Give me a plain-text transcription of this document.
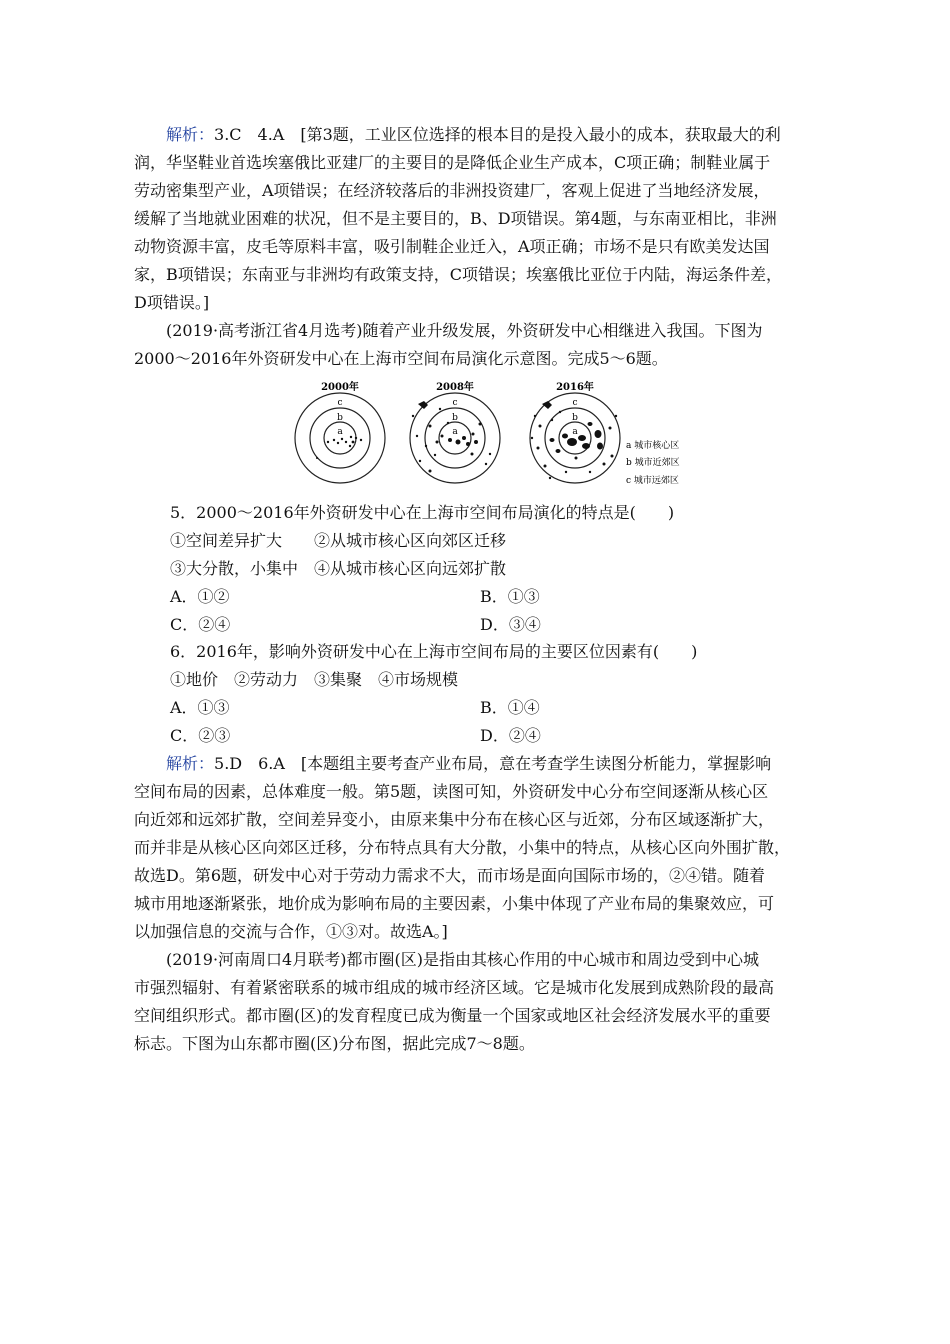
解析：3.C　4.A　[第3题，工业区位选择的根本目的是投入最小的成本，获取最大的利
润，华坚鞋业首选埃塞俄比亚建厂的主要目的是降低企业生产成本，C项正确；制鞋业属于
劳动密集型产业，A项错误；在经济较落后的非洲投资建厂，客观上促进了当地经济发展，
缓解了当地就业困难的状况，但不是主要目的，B、D项错误。第4题，与东南亚相比，非洲
动物资源丰富，皮毛等原料丰富，吸引制鞋企业迁入，A项正确；市场不是只有欧美发达国
家，B项错误；东南亚与非洲均有政策支持，C项错误；埃塞俄比亚位于内陆，海运条件差，
D项错误。]
(2019·高考浙江省4月选考)随着产业升级发展，外资研发中心相继进入我国。下图为
2000～2016年外资研发中心在上海市空间布局演化示意图。完成5～6题。
2000年
a
b
c
2008年
a
b
c
2016年
a
b
c
a 城市核心区
b 城市近郊区
c 城市远郊区
5．2000～2016年外资研发中心在上海市空间布局演化的特点是(　　)
①空间差异扩大　　②从城市核心区向郊区迁移
③大分散，小集中　④从城市核心区向远郊扩散
A．①②	B．①③
C．②④	D．③④
6．2016年，影响外资研发中心在上海市空间布局的主要区位因素有(　　)
①地价　②劳动力　③集聚　④市场规模
A．①③	B．①④
C．②③	D．②④
解析：5.D　6.A　[本题组主要考查产业布局，意在考查学生读图分析能力，掌握影响
空间布局的因素，总体难度一般。第5题，读图可知，外资研发中心分布空间逐渐从核心区
向近郊和远郊扩散，空间差异变小，由原来集中分布在核心区与近郊，分布区域逐渐扩大，
而并非是从核心区向郊区迁移，分布特点具有大分散，小集中的特点，从核心区向外围扩散，
故选D。第6题，研发中心对于劳动力需求不大，而市场是面向国际市场的，②④错。随着
城市用地逐渐紧张，地价成为影响布局的主要因素，小集中体现了产业布局的集聚效应，可
以加强信息的交流与合作，①③对。故选A。]
(2019·河南周口4月联考)都市圈(区)是指由其核心作用的中心城市和周边受到中心城
市强烈辐射、有着紧密联系的城市组成的城市经济区域。它是城市化发展到成熟阶段的最高
空间组织形式。都市圈(区)的发育程度已成为衡量一个国家或地区社会经济发展水平的重要
标志。下图为山东都市圈(区)分布图，据此完成7～8题。
